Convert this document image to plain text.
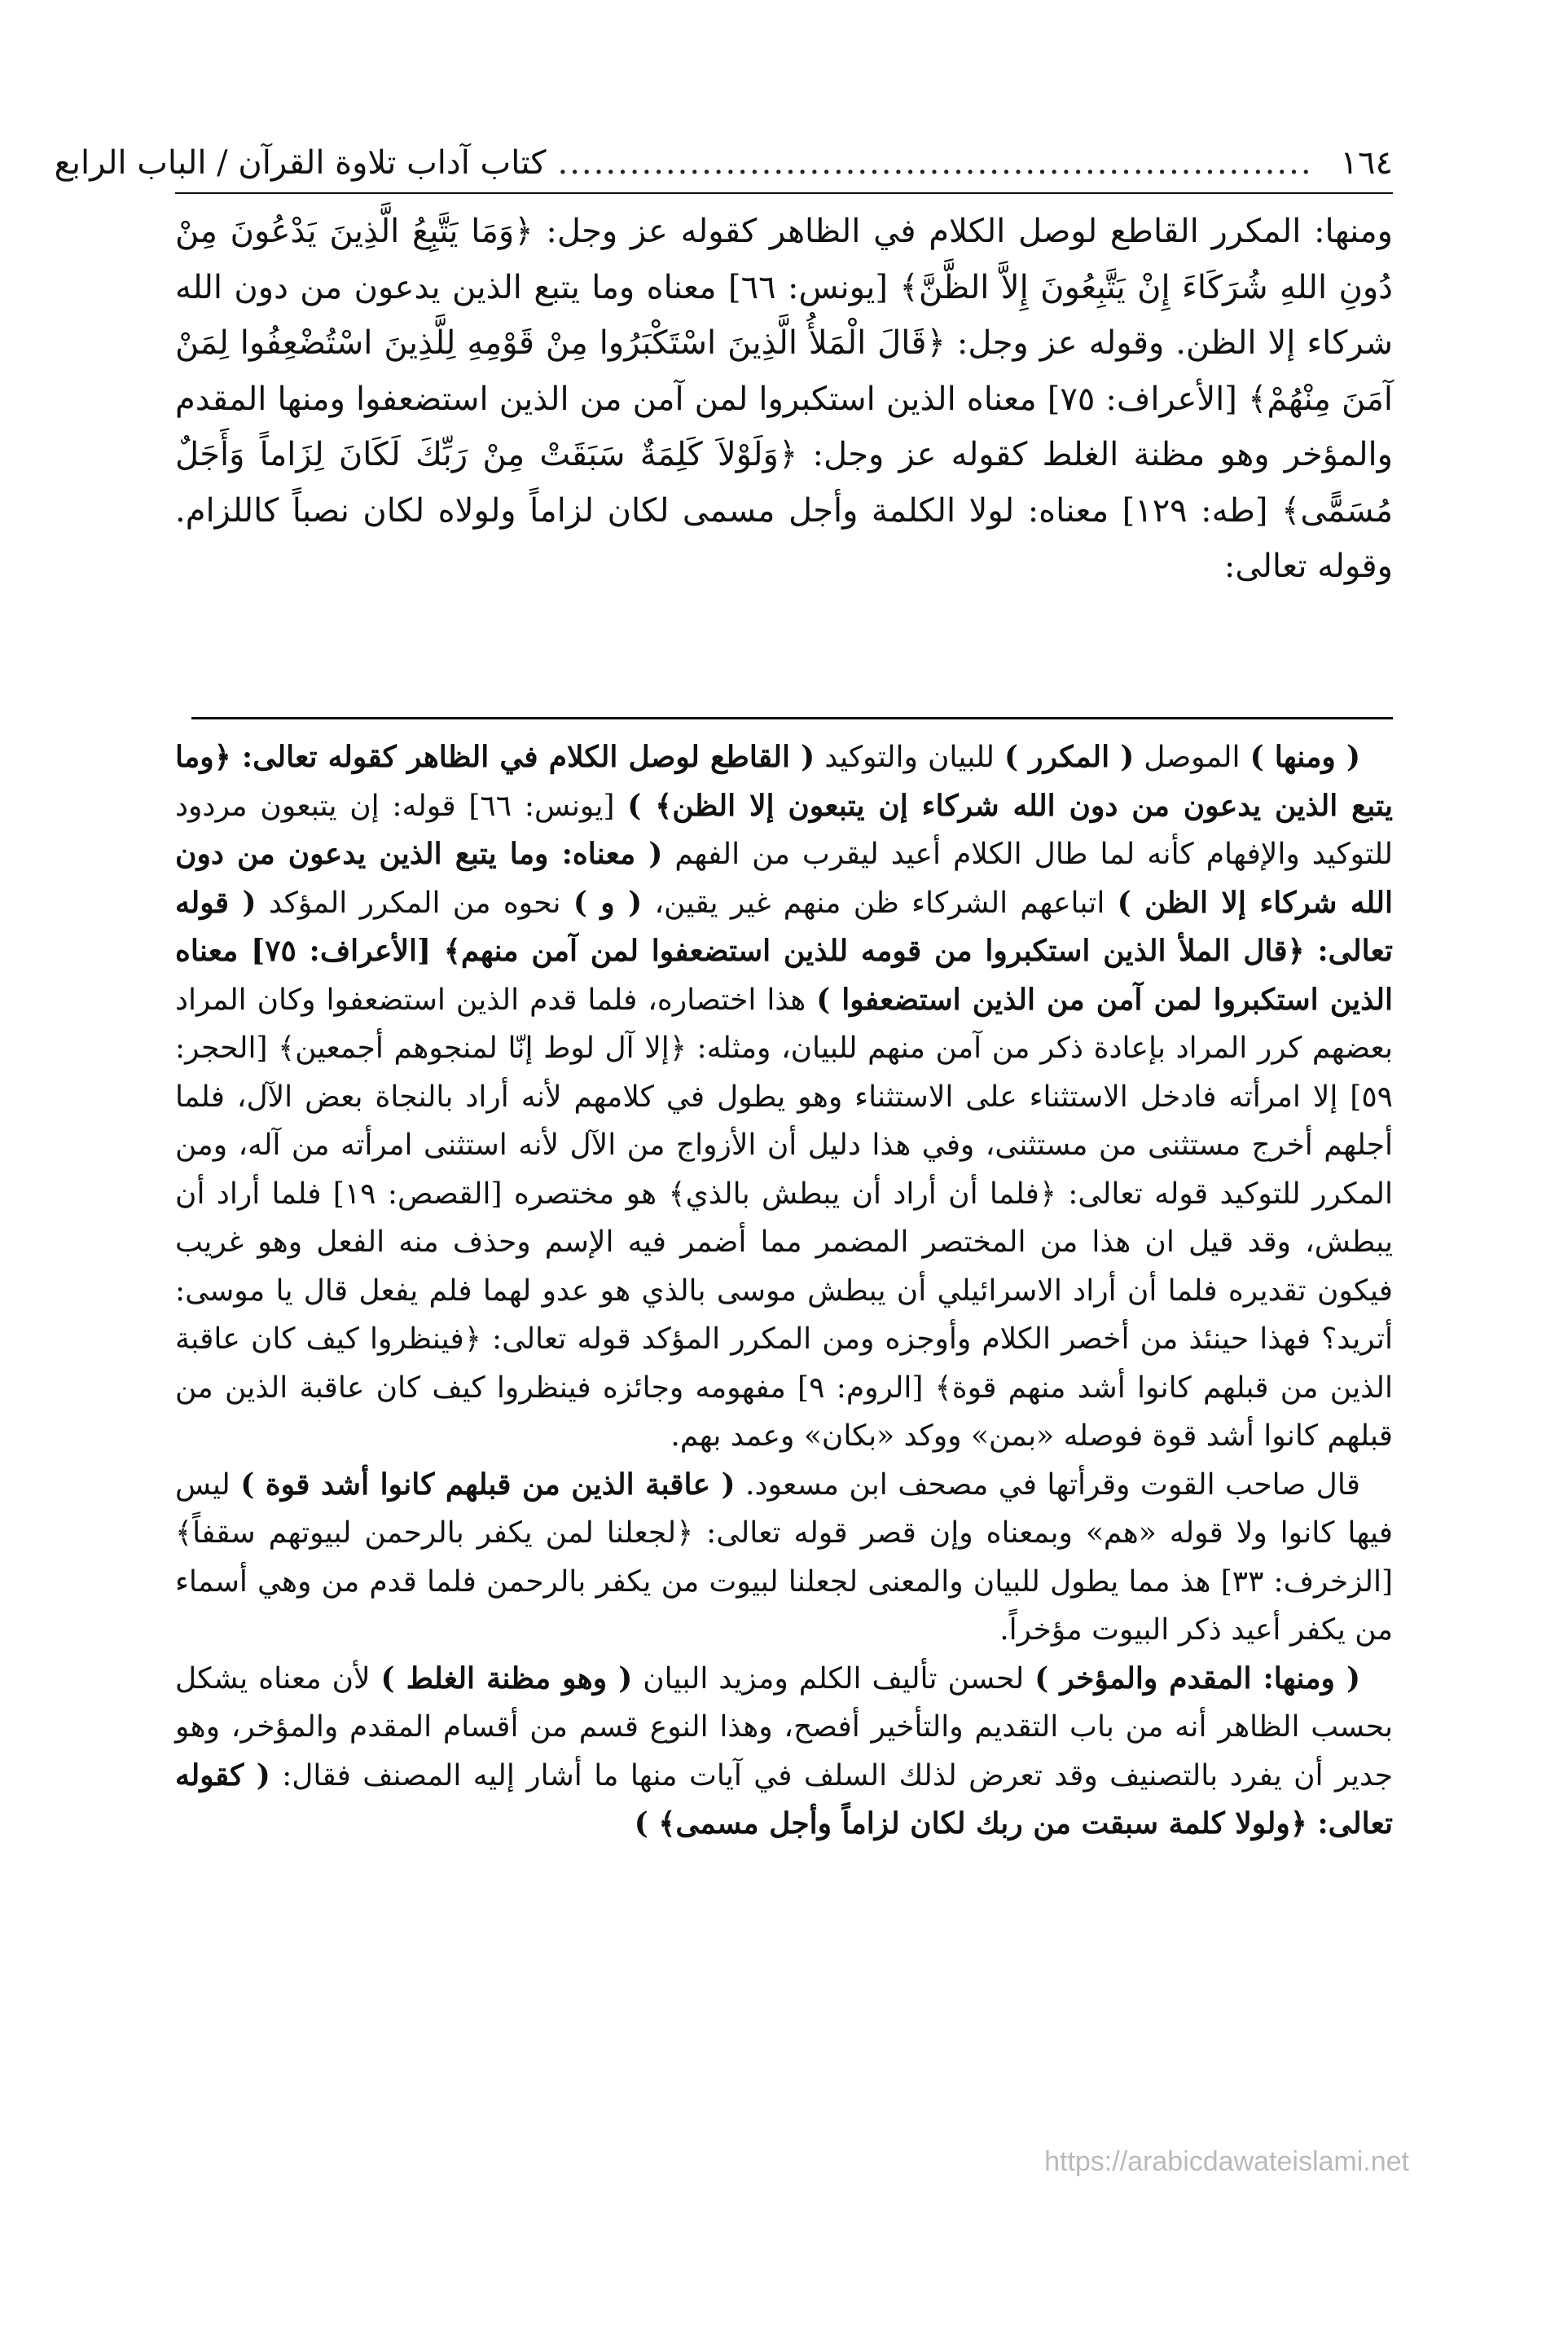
١٦٤
...............................................................
كتاب آداب تلاوة القرآن / الباب الرابع

ومنها: المكرر القاطع لوصل الكلام في الظاهر كقوله عز وجل: ﴿وَمَا يَتَّبِعُ الَّذِينَ يَدْعُونَ مِنْ دُونِ اللهِ شُرَكَاءَ إِنْ يَتَّبِعُونَ إِلاَّ الظَّنَّ﴾ [يونس: ٦٦] معناه وما يتبع الذين يدعون من دون الله شركاء إلا الظن. وقوله عز وجل: ﴿قَالَ الْمَلأُ الَّذِينَ اسْتَكْبَرُوا مِنْ قَوْمِهِ لِلَّذِينَ اسْتُضْعِفُوا لِمَنْ آمَنَ مِنْهُمْ﴾ [الأعراف: ٧٥] معناه الذين استكبروا لمن آمن من الذين استضعفوا ومنها المقدم والمؤخر وهو مظنة الغلط كقوله عز وجل: ﴿وَلَوْلاَ كَلِمَةٌ سَبَقَتْ مِنْ رَبِّكَ لَكَانَ لِزَاماً وَأَجَلٌ مُسَمًّى﴾ [طه: ١٢٩] معناه: لولا الكلمة وأجل مسمى لكان لزاماً ولولاه لكان نصباً كاللزام. وقوله تعالى:

( ومنها ) الموصل ( المكرر ) للبيان والتوكيد ( القاطع لوصل الكلام في الظاهر كقوله تعالى: ﴿وما يتبع الذين يدعون من دون الله شركاء إن يتبعون إلا الظن﴾ ) [يونس: ٦٦] قوله: إن يتبعون مردود للتوكيد والإفهام كأنه لما طال الكلام أعيد ليقرب من الفهم ( معناه: وما يتبع الذين يدعون من دون الله شركاء إلا الظن ) اتباعهم الشركاء ظن منهم غير يقين، ( و ) نحوه من المكرر المؤكد ( قوله تعالى: ﴿قال الملأ الذين استكبروا من قومه للذين استضعفوا لمن آمن منهم﴾ [الأعراف: ٧٥] معناه الذين استكبروا لمن آمن من الذين استضعفوا ) هذا اختصاره، فلما قدم الذين استضعفوا وكان المراد بعضهم كرر المراد بإعادة ذكر من آمن منهم للبيان، ومثله: ﴿إلا آل لوط إنّا لمنجوهم أجمعين﴾ [الحجر: ٥٩] إلا امرأته فادخل الاستثناء على الاستثناء وهو يطول في كلامهم لأنه أراد بالنجاة بعض الآل، فلما أجلهم أخرج مستثنى من مستثنى، وفي هذا دليل أن الأزواج من الآل لأنه استثنى امرأته من آله، ومن المكرر للتوكيد قوله تعالى: ﴿فلما أن أراد أن يبطش بالذي﴾ هو مختصره [القصص: ١٩] فلما أراد أن يبطش، وقد قيل ان هذا من المختصر المضمر مما أضمر فيه الإسم وحذف منه الفعل وهو غريب فيكون تقديره فلما أن أراد الاسرائيلي أن يبطش موسى بالذي هو عدو لهما فلم يفعل قال يا موسى: أتريد؟ فهذا حينئذ من أخصر الكلام وأوجزه ومن المكرر المؤكد قوله تعالى: ﴿فينظروا كيف كان عاقبة الذين من قبلهم كانوا أشد منهم قوة﴾ [الروم: ٩] مفهومه وجائزه فينظروا كيف كان عاقبة الذين من قبلهم كانوا أشد قوة فوصله «بمن» ووكد «بكان» وعمد بهم.

قال صاحب القوت وقرأتها في مصحف ابن مسعود. ( عاقبة الذين من قبلهم كانوا أشد قوة ) ليس فيها كانوا ولا قوله «هم» وبمعناه وإن قصر قوله تعالى: ﴿لجعلنا لمن يكفر بالرحمن لبيوتهم سقفاً﴾ [الزخرف: ٣٣] هذ مما يطول للبيان والمعنى لجعلنا لبيوت من يكفر بالرحمن فلما قدم من وهي أسماء من يكفر أعيد ذكر البيوت مؤخراً.

( ومنها: المقدم والمؤخر ) لحسن تأليف الكلم ومزيد البيان ( وهو مظنة الغلط ) لأن معناه يشكل بحسب الظاهر أنه من باب التقديم والتأخير أفصح، وهذا النوع قسم من أقسام المقدم والمؤخر، وهو جدير أن يفرد بالتصنيف وقد تعرض لذلك السلف في آيات منها ما أشار إليه المصنف فقال: ( كقوله تعالى: ﴿ولولا كلمة سبقت من ربك لكان لزاماً وأجل مسمى﴾ )

https://arabicdawateislami.net
